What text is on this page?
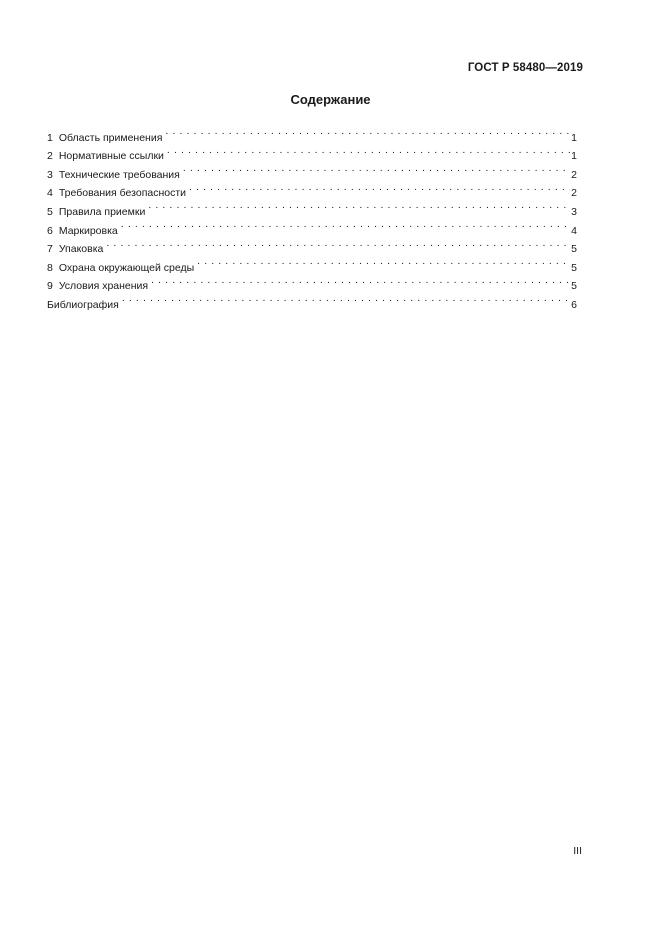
ГОСТ Р 58480—2019
Содержание
1 Область применения . . .	1
2 Нормативные ссылки . . .	1
3 Технические требования . . .	2
4 Требования безопасности . . .	2
5 Правила приемки . . .	3
6 Маркировка . . .	4
7 Упаковка . . .	5
8 Охрана окружающей среды . . .	5
9 Условия хранения . . .	5
Библиография . . .	6
III
